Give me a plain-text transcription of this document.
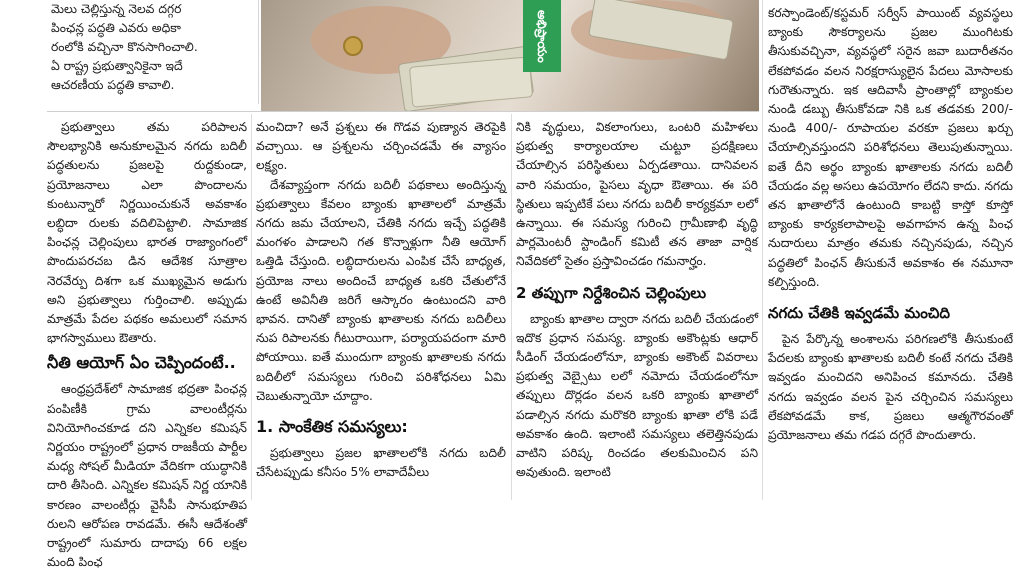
మెలు చెల్లిస్తున్న నెలవ దగ్గర
పింఛన్ల పద్ధతి ఎవరు అధికా
రంలోకి వచ్చినా కొనసాగించాలి.
ఏ రాష్ట్ర ప్రభుత్వానికైనా ఇదే
ఆచరణీయ పద్ధతి కావాలి.
అభిప్రాయం

ప్రభుత్వాలు తమ పరిపాలన సౌలభ్యానికి అనుకూలమైన నగదు బదిలీ పద్ధతులను ప్రజలపై రుద్దకుండా, ప్రయోజనాలు ఎలా పొందాలను కుంటున్నారో నిర్ణయించుకునే అవకాశం లబ్ధిదా రులకు వదిలిపెట్టాలి. సామాజిక పింఛన్ల చెల్లింపులు భారత రాజ్యాంగంలో పొందుపరచబ డిన ఆదేశిక సూత్రాల నెరవేర్పు దిశగా ఒక ముఖ్యమైన అడుగు అని ప్రభుత్వాలు గుర్తించాలి. అప్పుడు మాత్రమే పేదల పథకం అమలులో సమాన భాగస్వాములు ఔతారు.

నీతి ఆయోగ్ ఏం చెప్పిందంటే..

ఆంధ్రప్రదేశ్‌లో సామాజిక భద్రతా పింఛన్ల పంపిణీకి గ్రామ వాలంటీర్లను వినియోగించకూడ దని ఎన్నికల కమిషన్ నిర్ణయం రాష్ట్రంలో ప్రధాన రాజకీయ పార్టీల మధ్య సోషల్ మీడియా వేదికగా యుద్ధానికి దారి తీసింది. ఎన్నికల కమిషన్ నిర్ణ యానికి కారణం వాలంటీర్లు వైసీపీ సానుభూతిప రులని ఆరోపణ రావడమే. ఈసీ ఆదేశంతో రాష్ట్రంలో సుమారు దాదాపు 66 లక్షల మంది పింఛ

మంచిదా? అనే ప్రశ్నలు ఈ గొడవ పుణ్యాన తెరపైకి వచ్చాయి. ఆ ప్రశ్నలను చర్చించడమే ఈ వ్యాసం లక్ష్యం.

దేశవ్యాప్తంగా నగదు బదిలీ పథకాలు అందిస్తున్న ప్రభుత్వాలు కేవలం బ్యాంకు ఖాతాలలో మాత్రమే నగదు జమ చేయాలని, చేతికి నగదు ఇచ్చే పద్ధతికి మంగళం పాడాలని గత కొన్నాళ్లుగా నీతి ఆయోగ్ ఒత్తిడి చేస్తుంది. లబ్ధిదారులను ఎంపిక చేసే బాధ్యత, ప్రయోజ నాలు అందించే బాధ్యత ఒకరి చేతులోనే ఉంటే అవినీతి జరిగే ఆస్కారం ఉంటుందని వారి భావన. దానితో బ్యాంకు ఖాతాలకు నగదు బదిలీలు నుప రిపాలనకు గీటురాయిగా, పర్యాయపదంగా మారి పోయాయి. ఐతే ముందుగా బ్యాంకు ఖాతాలకు నగదు బదిలీలో సమస్యలు గురించి పరిశోధనలు ఏమి చెబుతున్నాయో చూద్దాం.

1. సాంకేతిక సమస్యలు:

ప్రభుత్వాలు ప్రజల ఖాతాలలోకి నగదు బదిలీ చేసేటప్పుడు కనీసం 5% లావాదేవీలు

నికి వృద్ధులు, వికలాంగులు, ఒంటరి మహిళలు ప్రభుత్వ కార్యాలయాల చుట్టూ ప్రదక్షిణలు చేయాల్సిన పరిస్థితులు ఏర్పడతాయి. దానివలన వారి సమయం, పైసలు వృధా ఔతాయి. ఈ పరి స్థితులు ఇప్పటికే పలు నగదు బదిలీ కార్యక్రమా లలో ఉన్నాయి. ఈ సమస్య గురించి గ్రామీణాభి వృద్ధి పార్లమెంటరీ స్టాండింగ్ కమిటీ తన తాజా వార్షిక నివేదికలో సైతం ప్రస్తావించడం గమనార్హం.

2 తప్పుగా నిర్దేశించిన చెల్లింపులు

బ్యాంకు ఖాతాల ద్వారా నగదు బదిలీ చేయడంలో ఇదొక ప్రధాన సమస్య. బ్యాంకు అకౌంట్లకు ఆధార్ సీడింగ్ చేయడంలోనూ, బ్యాంకు అకౌంట్ వివరాలు ప్రభుత్వ వెబ్సైటు లలో నమోదు చేయడంలోనూ తప్పులు దొర్లడం వలన ఒకరి బ్యాంకు ఖాతాలో పడాల్సిన నగదు మరొకరి బ్యాంకు ఖాతా లోకి పడే అవకాశం ఉంది. ఇలాంటి సమస్యలు తలెత్తినపుడు వాటిని పరిష్క రించడం తలకుమించిన పని అవుతుంది. ఇలాంటి

కరస్పాండెంట్/కస్టమర్ సర్వీస్ పాయింట్ వ్యవస్థలు బ్యాంకు సౌకర్యాలను ప్రజల ముంగిటకు తీసుకువచ్చినా, వ్యవస్థలో సరైన జవా బుదారీతనం లేకపోవడం వలన నిరక్షరాస్యులైన పేదలు మోసాలకు గురౌతున్నారు. ఇక ఆదివాసీ ప్రాంతాల్లో బ్యాంకుల నుండి డబ్బు తీసుకోవడా నికి ఒక తడవకు 200/- నుండి 400/- రూపాయల వరకూ ప్రజలు ఖర్చు చేయాల్సివస్తుందని పరిశోధనలు తెలుపుతున్నాయి. ఐతే దీని అర్థం బ్యాంకు ఖాతాలకు నగదు బదిలీ చేయడం వల్ల అసలు ఉపయోగం లేదని కాదు. నగదు తన ఖాతాలోనే ఉంటుంది కాబట్టి కాస్తో కూస్తో బ్యాంకు కార్యకలాపాలపై అవగాహన ఉన్న పింఛ నుదారులు మాత్రం తమకు నచ్చినపుడు, నచ్చిన పద్ధతిలో పింఛన్ తీసుకునే అవకాశం ఈ నమూనా కల్పిస్తుంది.

నగదు చేతికి ఇవ్వడమే మంచిది

పైన పేర్కొన్న అంశాలను పరిగణలోకి తీసుకుంటే పేదలకు బ్యాంకు ఖాతాలకు బదిలీ కంటే నగదు చేతికి ఇవ్వడం మంచిదని అనిపించ కమానదు. చేతికి నగదు ఇవ్వడం వలన పైన చర్చించిన సమస్యలు లేకపోవడమే కాక, ప్రజలు ఆత్మగౌరవంతో ప్రయోజనాలు తమ గడప దగ్గరే పొందుతారు.
